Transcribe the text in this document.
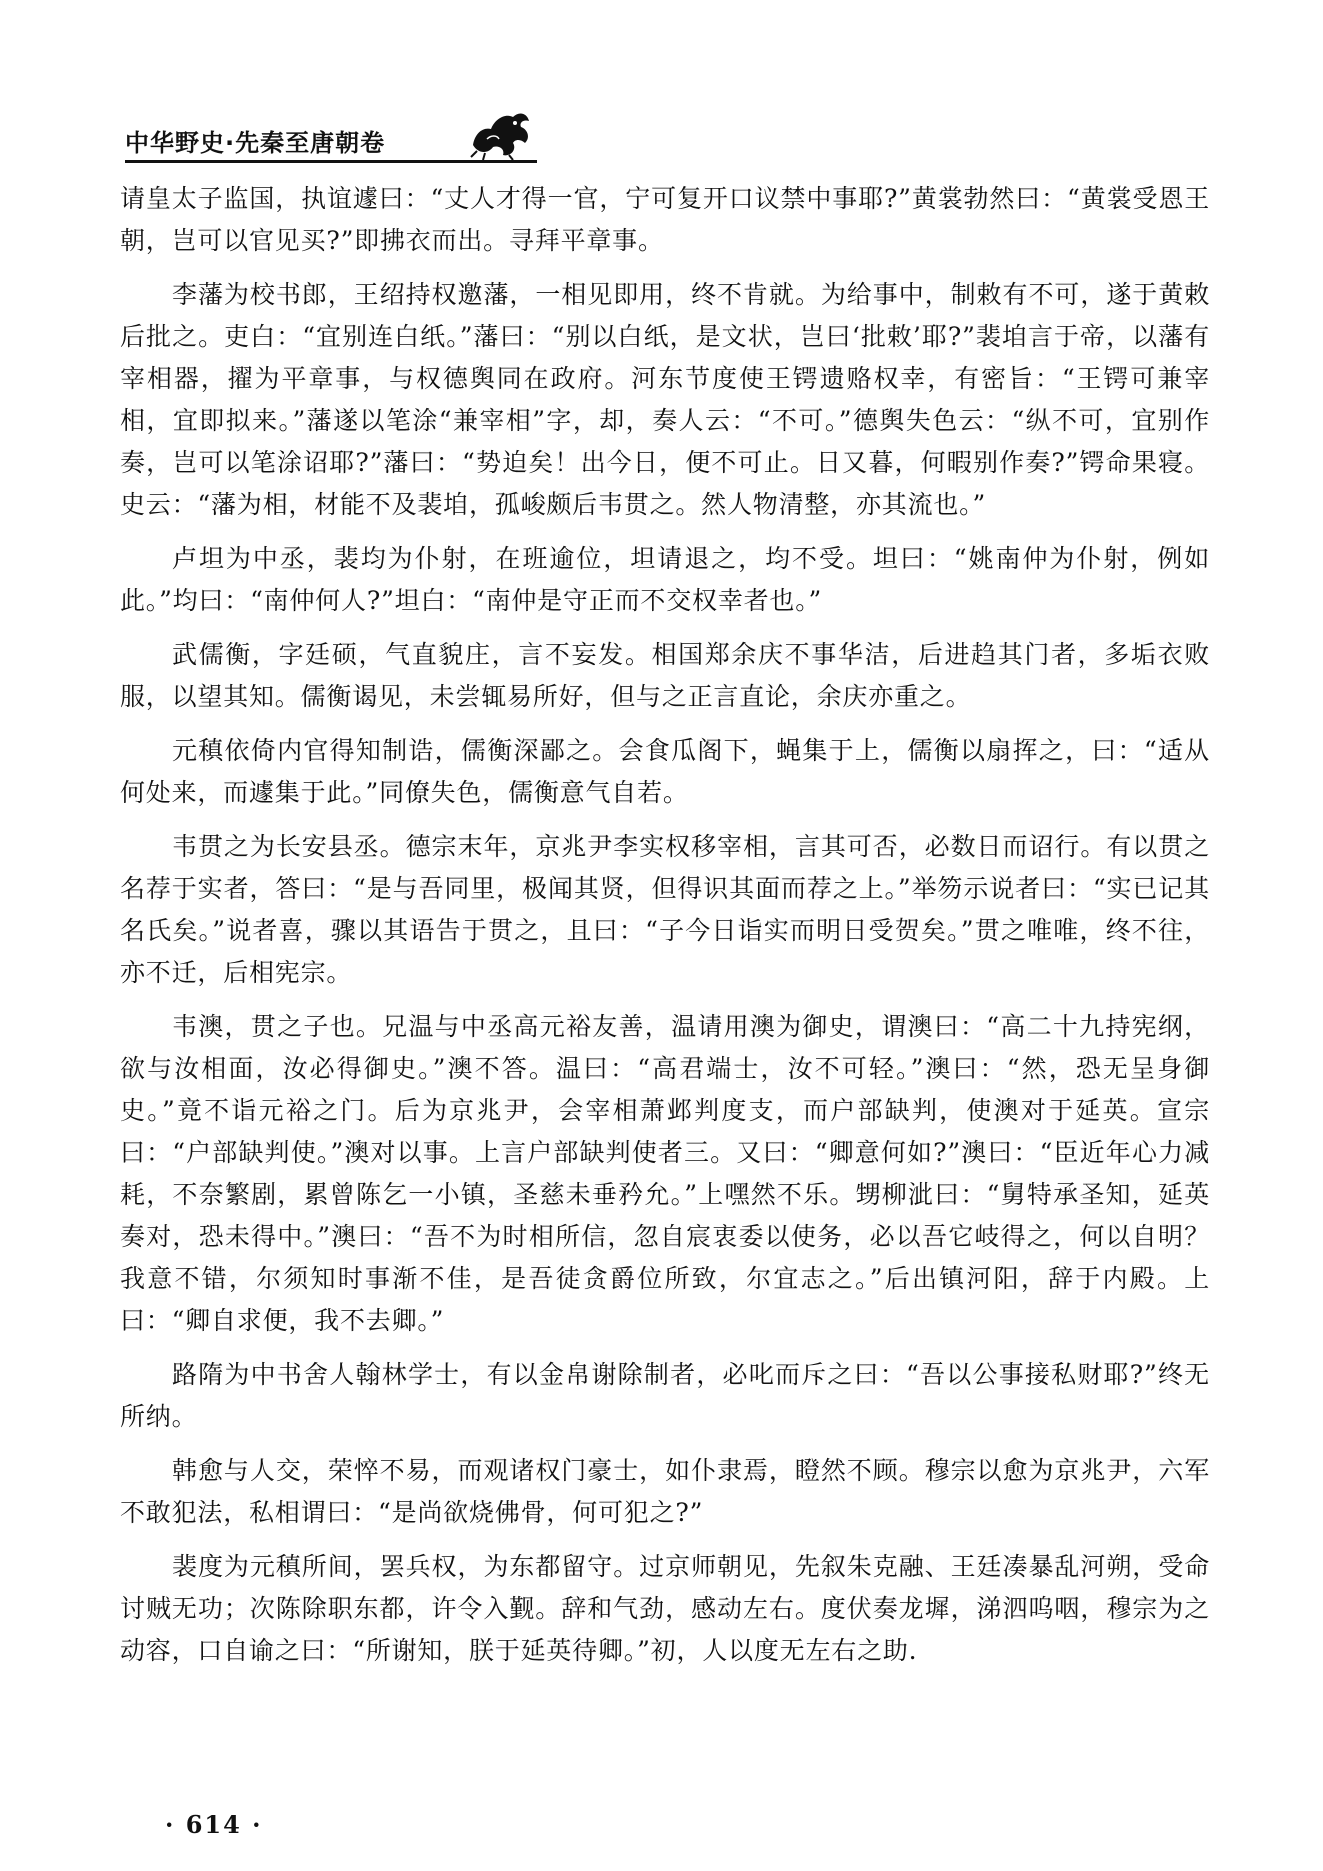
中华野史·先秦至唐朝卷

请皇太子监国，执谊遽曰：“丈人才得一官，宁可复开口议禁中事耶?”黄裳勃然曰：“黄裳受恩王朝，岂可以官见买?”即拂衣而出。寻拜平章事。

李藩为校书郎，王绍持权邀藩，一相见即用，终不肯就。为给事中，制敕有不可，遂于黄敕后批之。吏白：“宜别连白纸。”藩曰：“别以白纸，是文状，岂曰‘批敕’耶?”裴垍言于帝，以藩有宰相器，擢为平章事，与权德舆同在政府。河东节度使王锷遗赂权幸，有密旨：“王锷可兼宰相，宜即拟来。”藩遂以笔涂“兼宰相”字，却，奏人云：“不可。”德舆失色云：“纵不可，宜别作奏，岂可以笔涂诏耶?”藩曰：“势迫矣！出今日，便不可止。日又暮，何暇别作奏?”锷命果寝。史云：“藩为相，材能不及裴垍，孤峻颇后韦贯之。然人物清整，亦其流也。”

卢坦为中丞，裴均为仆射，在班逾位，坦请退之，均不受。坦曰：“姚南仲为仆射，例如此。”均曰：“南仲何人?”坦白：“南仲是守正而不交权幸者也。”

武儒衡，字廷硕，气直貌庄，言不妄发。相国郑余庆不事华洁，后进趋其门者，多垢衣败服，以望其知。儒衡谒见，未尝辄易所好，但与之正言直论，余庆亦重之。

元稹依倚内官得知制诰，儒衡深鄙之。会食瓜阁下，蝇集于上，儒衡以扇挥之，曰：“适从何处来，而遽集于此。”同僚失色，儒衡意气自若。

韦贯之为长安县丞。德宗末年，京兆尹李实权移宰相，言其可否，必数日而诏行。有以贯之名荐于实者，答曰：“是与吾同里，极闻其贤，但得识其面而荐之上。”举笏示说者曰：“实已记其名氏矣。”说者喜，骤以其语告于贯之，且曰：“子今日诣实而明日受贺矣。”贯之唯唯，终不往，亦不迁，后相宪宗。

韦澳，贯之子也。兄温与中丞高元裕友善，温请用澳为御史，谓澳曰：“高二十九持宪纲，欲与汝相面，汝必得御史。”澳不答。温曰：“高君端士，汝不可轻。”澳曰：“然，恐无呈身御史。”竟不诣元裕之门。后为京兆尹，会宰相萧邺判度支，而户部缺判，使澳对于延英。宣宗曰：“户部缺判使。”澳对以事。上言户部缺判使者三。又曰：“卿意何如?”澳曰：“臣近年心力减耗，不奈繁剧，累曾陈乞一小镇，圣慈未垂矜允。”上嘿然不乐。甥柳泚曰：“舅特承圣知，延英奏对，恐未得中。”澳曰：“吾不为时相所信，忽自宸衷委以使务，必以吾它岐得之，何以自明？我意不错，尔须知时事渐不佳，是吾徒贪爵位所致，尔宜志之。”后出镇河阳，辞于内殿。上曰：“卿自求便，我不去卿。”

路隋为中书舍人翰林学士，有以金帛谢除制者，必叱而斥之曰：“吾以公事接私财耶?”终无所纳。

韩愈与人交，荣悴不易，而观诸权门豪士，如仆隶焉，瞪然不顾。穆宗以愈为京兆尹，六军不敢犯法，私相谓曰：“是尚欲烧佛骨，何可犯之?”

裴度为元稹所间，罢兵权，为东都留守。过京师朝见，先叙朱克融、王廷凑暴乱河朔，受命讨贼无功；次陈除职东都，许令入觐。辞和气劲，感动左右。度伏奏龙墀，涕泗呜咽，穆宗为之动容，口自谕之曰：“所谢知，朕于延英待卿。”初，人以度无左右之助.

· 614 ·
